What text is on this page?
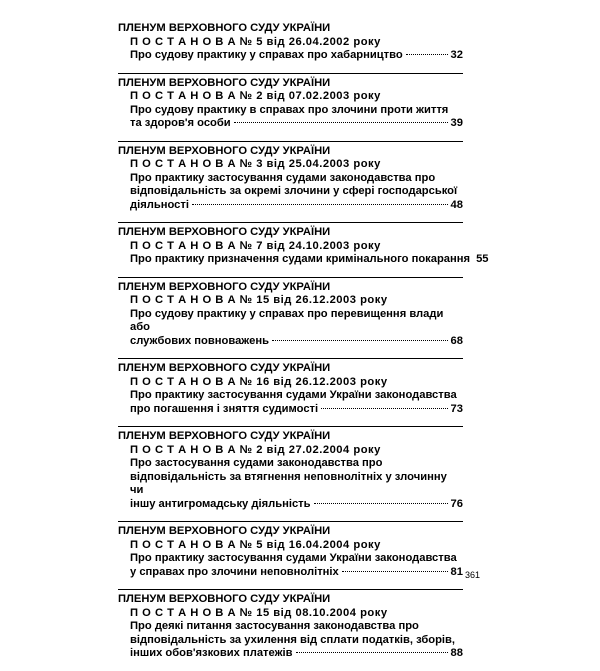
ПЛЕНУМ ВЕРХОВНОГО СУДУ УКРАЇНИ
П О С Т А Н О В А № 5 від 26.04.2002 року
Про судову практику у справах про хабарництво	32
ПЛЕНУМ ВЕРХОВНОГО СУДУ УКРАЇНИ
П О С Т А Н О В А № 2 від 07.02.2003 року
Про судову практику в справах про злочини проти життя
та здоров'я особи	39
ПЛЕНУМ ВЕРХОВНОГО СУДУ УКРАЇНИ
П О С Т А Н О В А № 3 від 25.04.2003 року
Про практику застосування судами законодавства про
відповідальність за окремі злочини у сфері господарської
діяльності	48
ПЛЕНУМ ВЕРХОВНОГО СУДУ УКРАЇНИ
П О С Т А Н О В А № 7 від 24.10.2003 року
Про практику призначення судами кримінального покарання 55
ПЛЕНУМ ВЕРХОВНОГО СУДУ УКРАЇНИ
П О С Т А Н О В А № 15 від 26.12.2003 року
Про судову практику у справах про перевищення влади або
службових повноважень	68
ПЛЕНУМ ВЕРХОВНОГО СУДУ УКРАЇНИ
П О С Т А Н О В А № 16 від 26.12.2003 року
Про практику застосування судами України законодавства
про погашення і зняття судимості	73
ПЛЕНУМ ВЕРХОВНОГО СУДУ УКРАЇНИ
П О С Т А Н О В А № 2 від 27.02.2004 року
Про застосування судами законодавства про
відповідальність за втягнення неповнолітніх у злочинну чи
іншу антигромадську діяльність	76
ПЛЕНУМ ВЕРХОВНОГО СУДУ УКРАЇНИ
П О С Т А Н О В А № 5 від 16.04.2004 року
Про практику застосування судами України законодавства
у справах про злочини неповнолітніх	81
ПЛЕНУМ ВЕРХОВНОГО СУДУ УКРАЇНИ
П О С Т А Н О В А № 15 від 08.10.2004 року
Про деякі питання застосування законодавства про
відповідальність за ухилення від сплати податків, зборів,
інших обов'язкових платежів	88
361
